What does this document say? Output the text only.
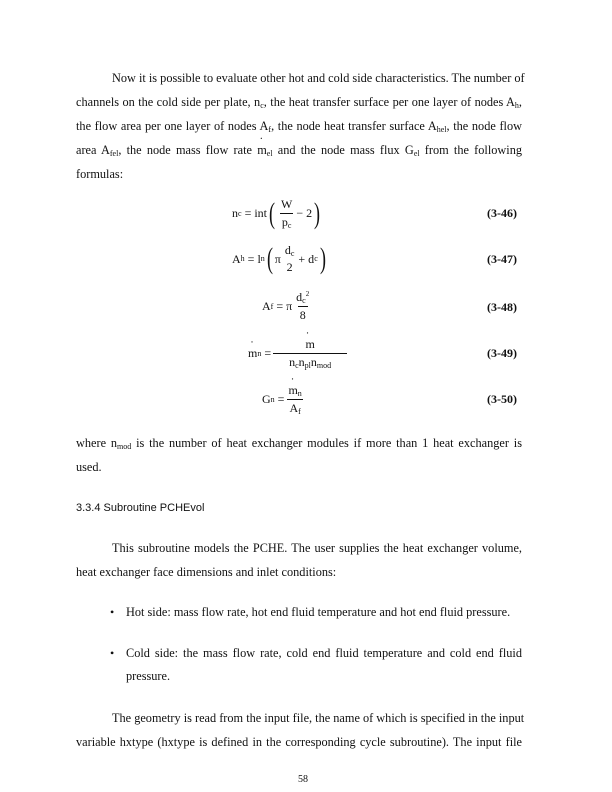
Now it is possible to evaluate other hot and cold side characteristics. The number of
channels on the cold side per plate, $n_c$, the heat transfer surface per one layer of nodes $A_h$,
the flow area per one layer of nodes $A_f$, the node heat transfer surface $A_{hel}$, the node flow
area $A_{fel}$, the node mass flow rate ˙ $m_{el}$ and the node mass flux $G_{el}$ from the following
formulas:
n c
= int ( $\frac{W}{p_c} - 2$ )	(3-46)
A h
= l n ( π
$d_c$
2
+ d c )	(3-47)
A f
= π $\frac{d_c^2}{8}$	(3-48)
˙ m n
= ˙ $\frac{m}{n_cn_{pl}n_{mod}}$	(3-49)
G n
= ˙ $\frac{m_n}{A_f}$	(3-50)
where $n_{mod}$ is the number of heat exchanger modules if more than 1 heat exchanger is
used.
3.3.4 Subroutine PCHEvol
This subroutine models the PCHE. The user supplies the heat exchanger volume,
heat exchanger face dimensions and inlet conditions:
• Hot side: mass flow rate, hot end fluid temperature and hot end fluid pressure.
• Cold side: the mass flow rate, cold end fluid temperature and cold end fluid
pressure.
The geometry is read from the input file, the name of which is specified in the input
variable hxtype (hxtype is defined in the corresponding cycle subroutine). The input file
58
